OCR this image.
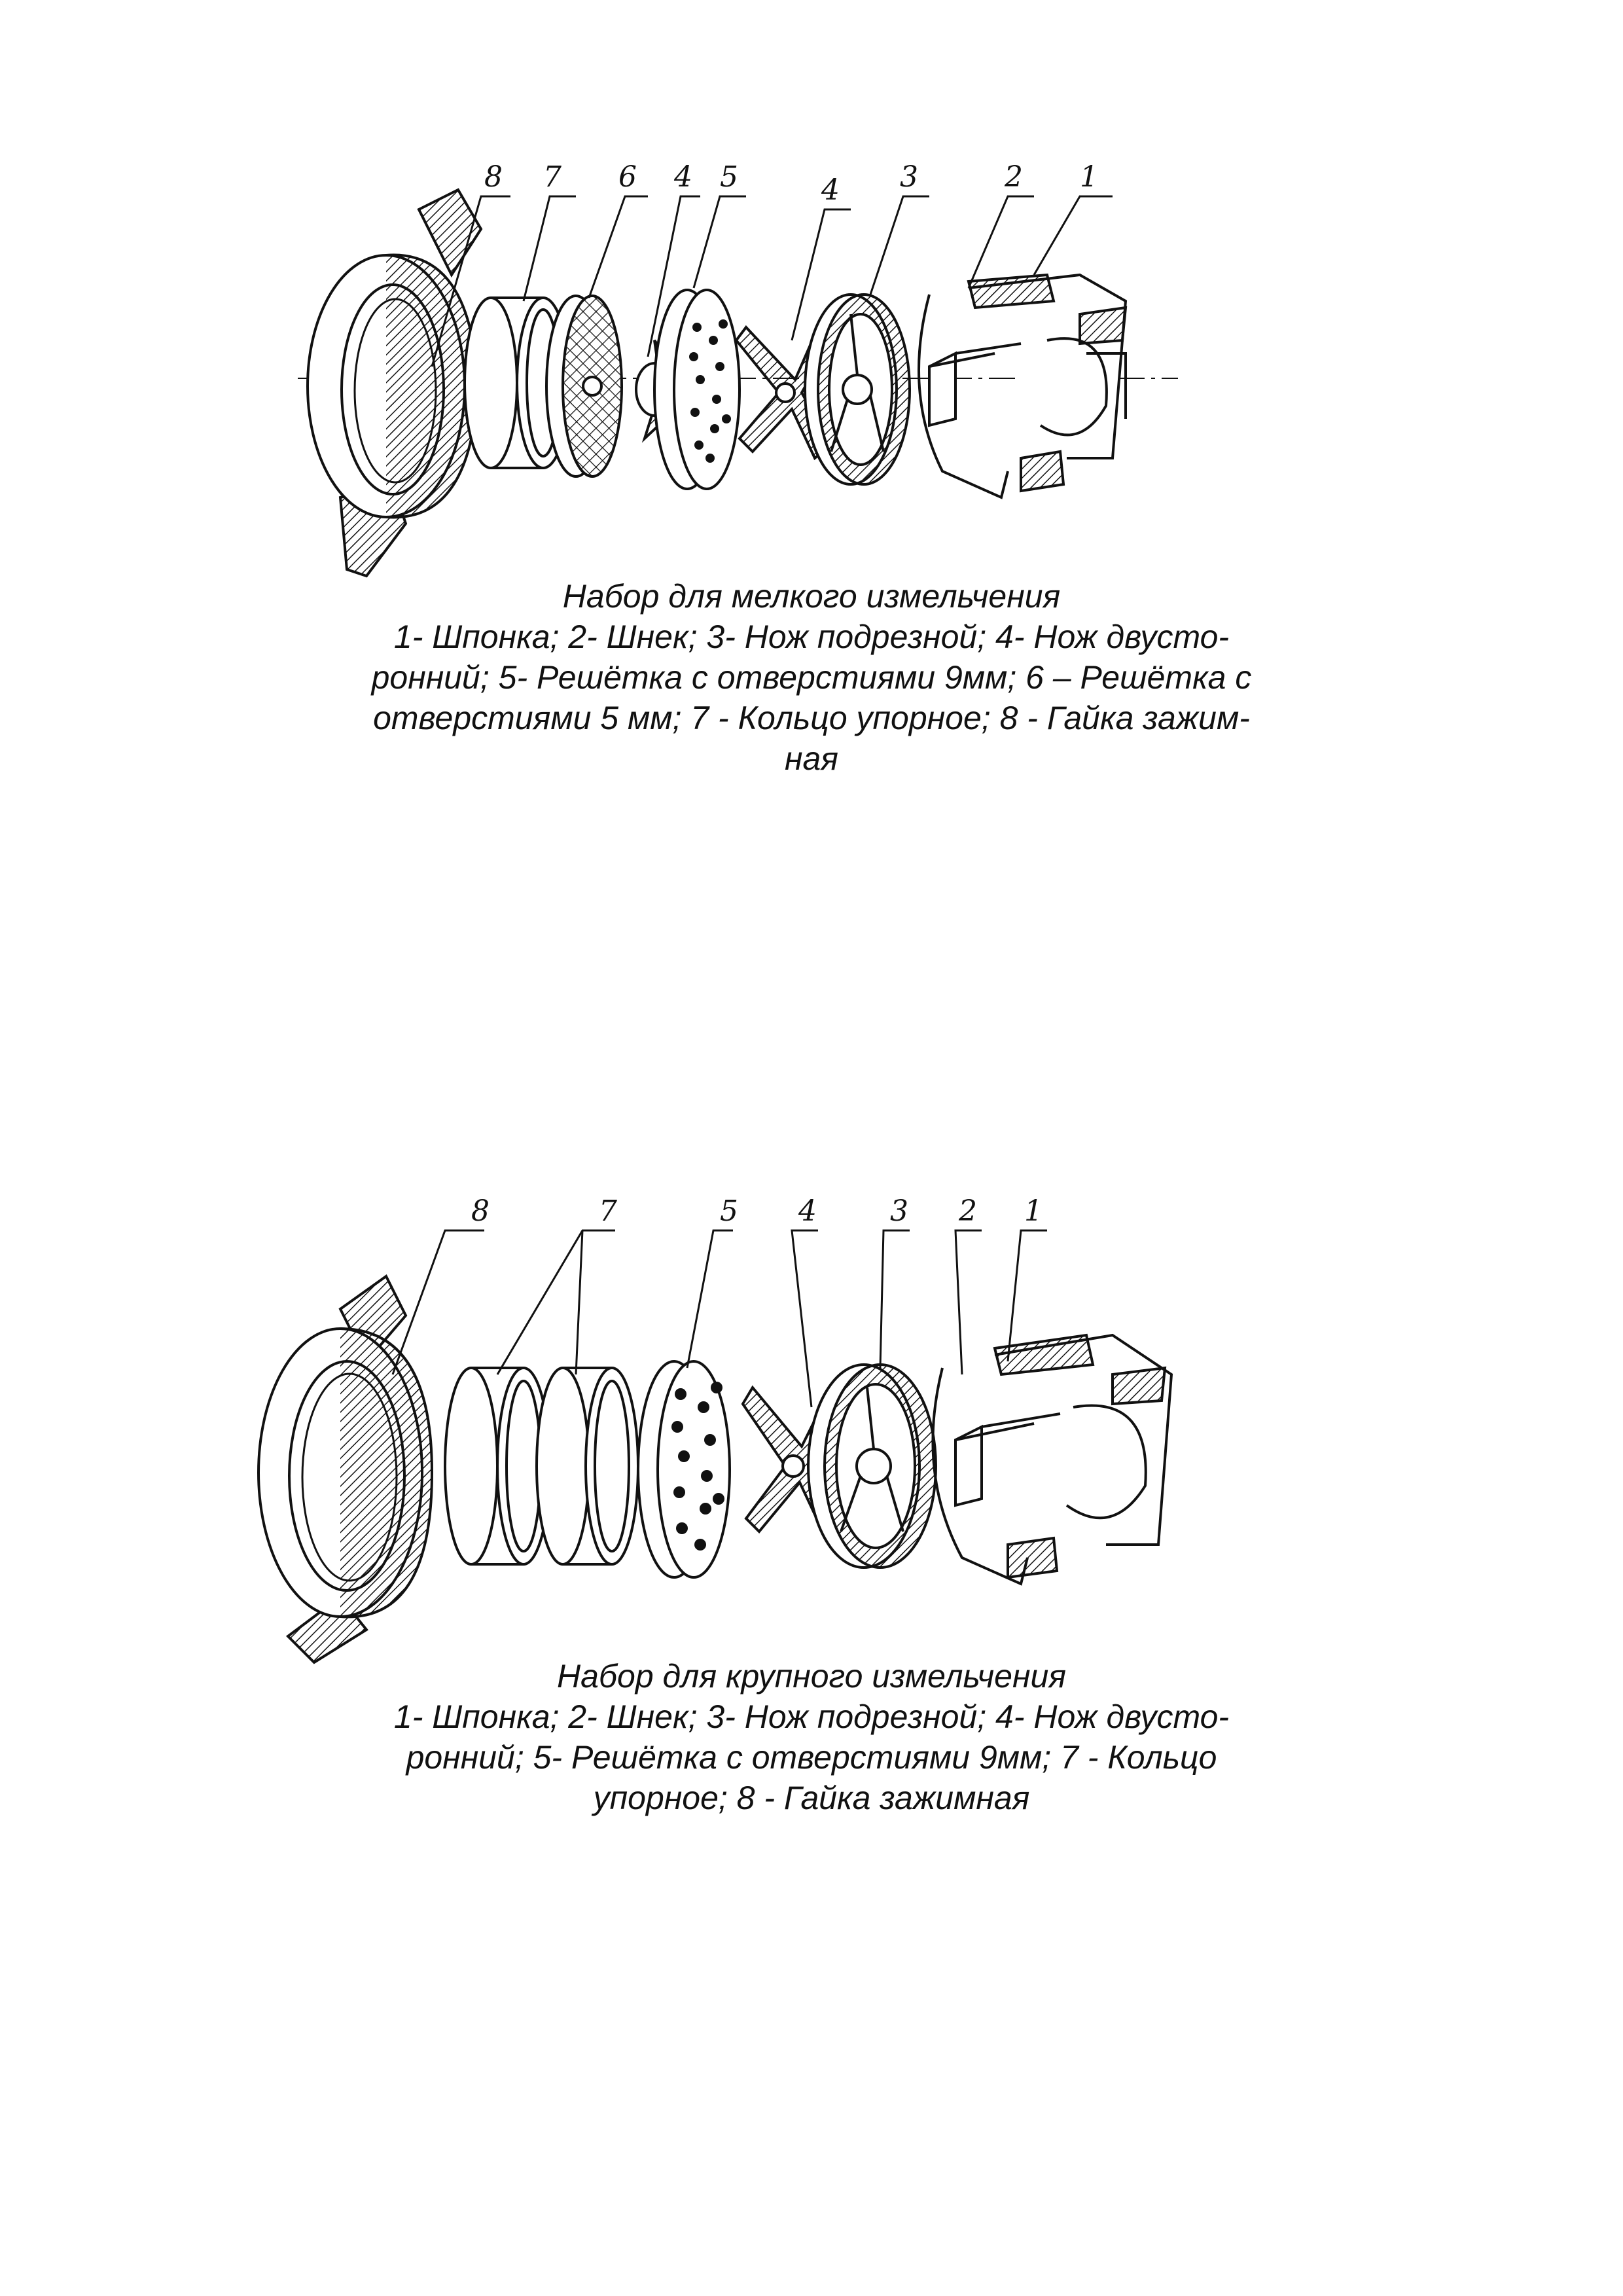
8 7 6 4 5	4 3	2 1
Набор для мелкого измельчения
1- Шпонка; 2- Шнек; 3- Нож подрезной; 4- Нож двусто-
ронний; 5- Решётка с отверстиями 9мм; 6 – Решётка с
отверстиями 5 мм; 7 - Кольцо упорное; 8 - Гайка зажим-
ная
8	7	5 4	3 2 1
Набор для крупного измельчения
1- Шпонка; 2- Шнек; 3- Нож подрезной; 4- Нож двусто-
ронний; 5- Решётка с отверстиями 9мм; 7 - Кольцо
упорное; 8 - Гайка зажимная
